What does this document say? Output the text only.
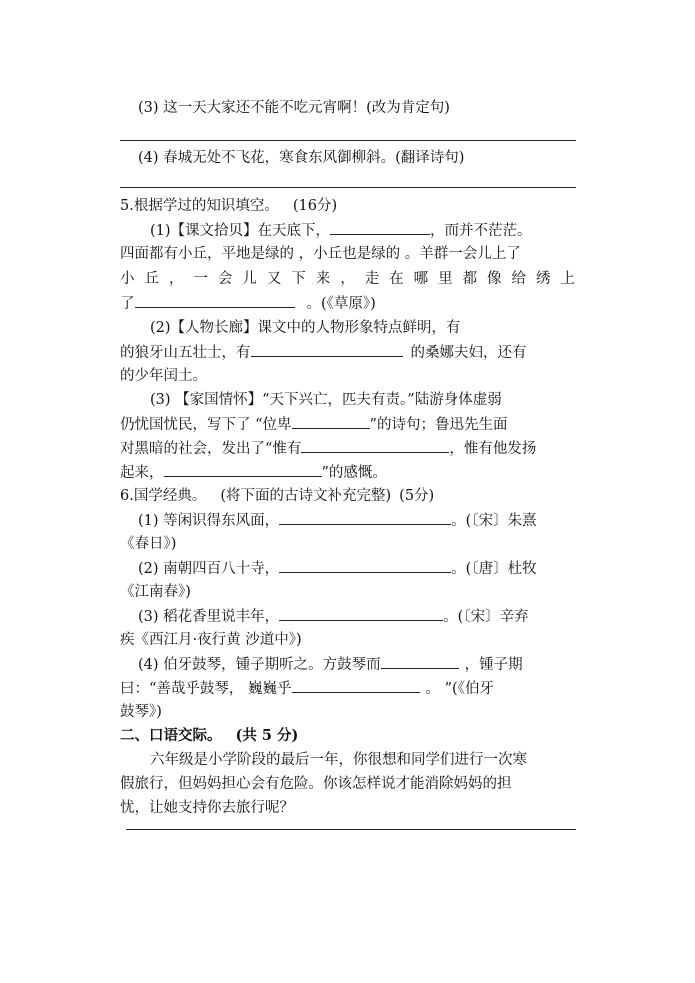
(3) 这一天大家还不能不吃元宵啊！(改为肯定句)
(4) 春城无处不飞花，寒食东风御柳斜。(翻译诗句)
5.根据学过的知识填空。 (16分)
(1)【课文拾贝】在天底下，	，而并不茫茫。
四面都有小丘，平地是绿的 ，小丘也是绿的 。羊群一会儿上了
小 丘 ， 一 会 儿 又 下 来 ， 走 在 哪 里 都 像 给 绣 上
了	。(《草原》)
(2)【人物长廊】课文中的人物形象特点鲜明，有
的狼牙山五壮士，有	的桑娜夫妇，还有
的少年闰土。
(3) 【家国情怀】“天下兴亡，匹夫有责。”陆游身体虚弱
仍忧国忧民，写下了 “位卑	”的诗句；鲁迅先生面
对黑暗的社会，发出了“惟有	，惟有他发扬
起来，	”的感慨。
6.国学经典。 (将下面的古诗文补充完整) (5分)
(1) 等闲识得东风面，	。(〔宋〕朱熹
《春日》)
(2) 南朝四百八十寺，	。(〔唐〕杜牧
《江南春》)
(3) 稻花香里说丰年，	。(〔宋〕辛弃
疾《西江月·夜行黄 沙道中》)
(4) 伯牙鼓琴，锺子期听之。方鼓琴而	，锺子期
曰：“善哉乎鼓琴， 巍巍乎	。 ”(《伯牙
鼓琴》)
二、口语交际。 (共 5 分)
六年级是小学阶段的最后一年，你很想和同学们进行一次寒
假旅行，但妈妈担心会有危险。你该怎样说才能消除妈妈的担
忧，让她支持你去旅行呢？
